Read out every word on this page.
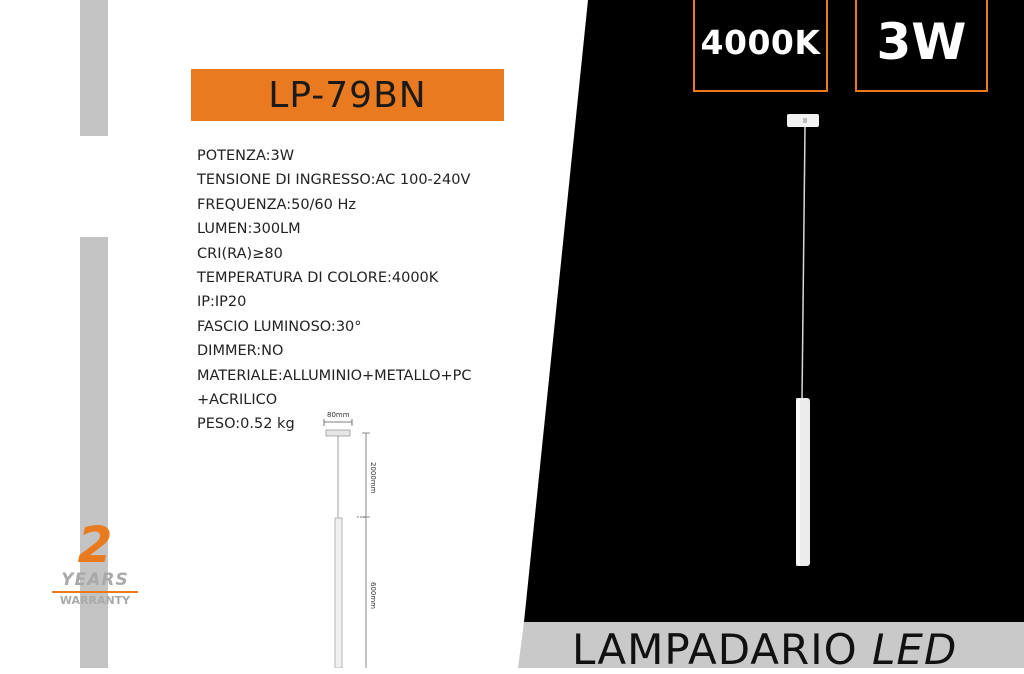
80mm
2000mm
600mm
4000K 3W
LP-79BN
POTENZA:3W
TENSIONE DI INGRESSO:AC 100-240V
FREQUENZA:50/60 Hz
LUMEN:300LM
CRI(RA)≥80
TEMPERATURA DI COLORE:4000K
IP:IP20
FASCIO LUMINOSO:30°
DIMMER:NO
MATERIALE:ALLUMINIO+METALLO+PC
+ACRILICO
PESO:0.52 kg
2
YEARS
WARRANTY
LAMPADARIO LED
